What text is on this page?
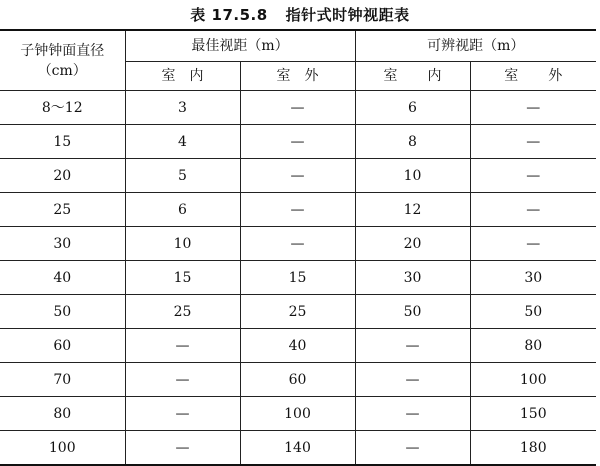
表 17.5.8 指针式时钟视距表
子钟钟面直径
（cm）	最佳视距（m）		可辨视距（m）	
	室 内	室 外	室 内	室 外
8～12	3	—	6	—
15	4	—	8	—
20	5	—	10	—
25	6	—	12	—
30	10	—	20	—
40	15	15	30	30
50	25	25	50	50
60	—	40	—	80
70	—	60	—	100
80	—	100	—	150
100	—	140	—	180
